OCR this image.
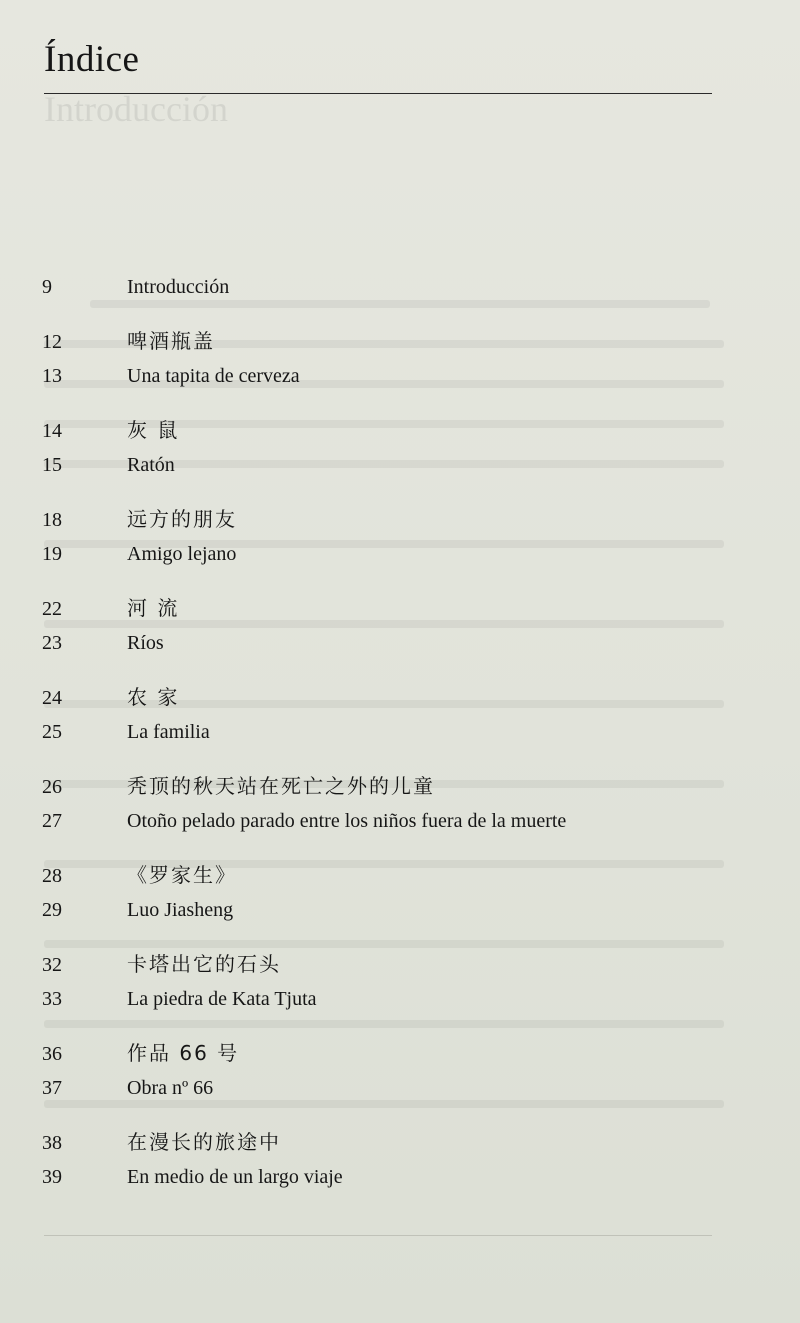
Introducción
Índice
9	Introducción
12	啤酒瓶盖
13	Una tapita de cerveza
14	灰 鼠
15	Ratón
18	远方的朋友
19	Amigo lejano
22	河 流
23	Ríos
24	农 家
25	La familia
26	秃顶的秋天站在死亡之外的儿童
27	Otoño pelado parado entre los niños fuera de la muerte
28	《罗家生》
29	Luo Jiasheng
32	卡塔出它的石头
33	La piedra de Kata Tjuta
36	作品 66 号
37	Obra nº 66
38	在漫长的旅途中
39	En medio de un largo viaje
